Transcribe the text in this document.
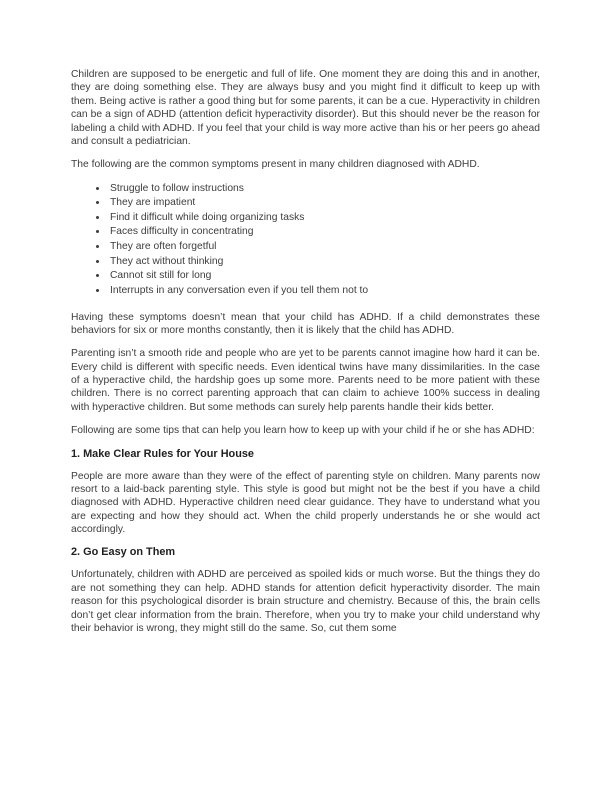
Children are supposed to be energetic and full of life. One moment they are doing this and in another, they are doing something else. They are always busy and you might find it difficult to keep up with them. Being active is rather a good thing but for some parents, it can be a cue. Hyperactivity in children can be a sign of ADHD (attention deficit hyperactivity disorder). But this should never be the reason for labeling a child with ADHD. If you feel that your child is way more active than his or her peers go ahead and consult a pediatrician.

The following are the common symptoms present in many children diagnosed with ADHD.

• Struggle to follow instructions
• They are impatient
• Find it difficult while doing organizing tasks
• Faces difficulty in concentrating
• They are often forgetful
• They act without thinking
• Cannot sit still for long
• Interrupts in any conversation even if you tell them not to

Having these symptoms doesn’t mean that your child has ADHD. If a child demonstrates these behaviors for six or more months constantly, then it is likely that the child has ADHD.

Parenting isn’t a smooth ride and people who are yet to be parents cannot imagine how hard it can be. Every child is different with specific needs. Even identical twins have many dissimilarities. In the case of a hyperactive child, the hardship goes up some more. Parents need to be more patient with these children. There is no correct parenting approach that can claim to achieve 100% success in dealing with hyperactive children. But some methods can surely help parents handle their kids better.

Following are some tips that can help you learn how to keep up with your child if he or she has ADHD:

1. Make Clear Rules for Your House

People are more aware than they were of the effect of parenting style on children. Many parents now resort to a laid-back parenting style. This style is good but might not be the best if you have a child diagnosed with ADHD. Hyperactive children need clear guidance. They have to understand what you are expecting and how they should act. When the child properly understands he or she would act accordingly.

2. Go Easy on Them

Unfortunately, children with ADHD are perceived as spoiled kids or much worse. But the things they do are not something they can help. ADHD stands for attention deficit hyperactivity disorder. The main reason for this psychological disorder is brain structure and chemistry. Because of this, the brain cells don’t get clear information from the brain. Therefore, when you try to make your child understand why their behavior is wrong, they might still do the same. So, cut them some
